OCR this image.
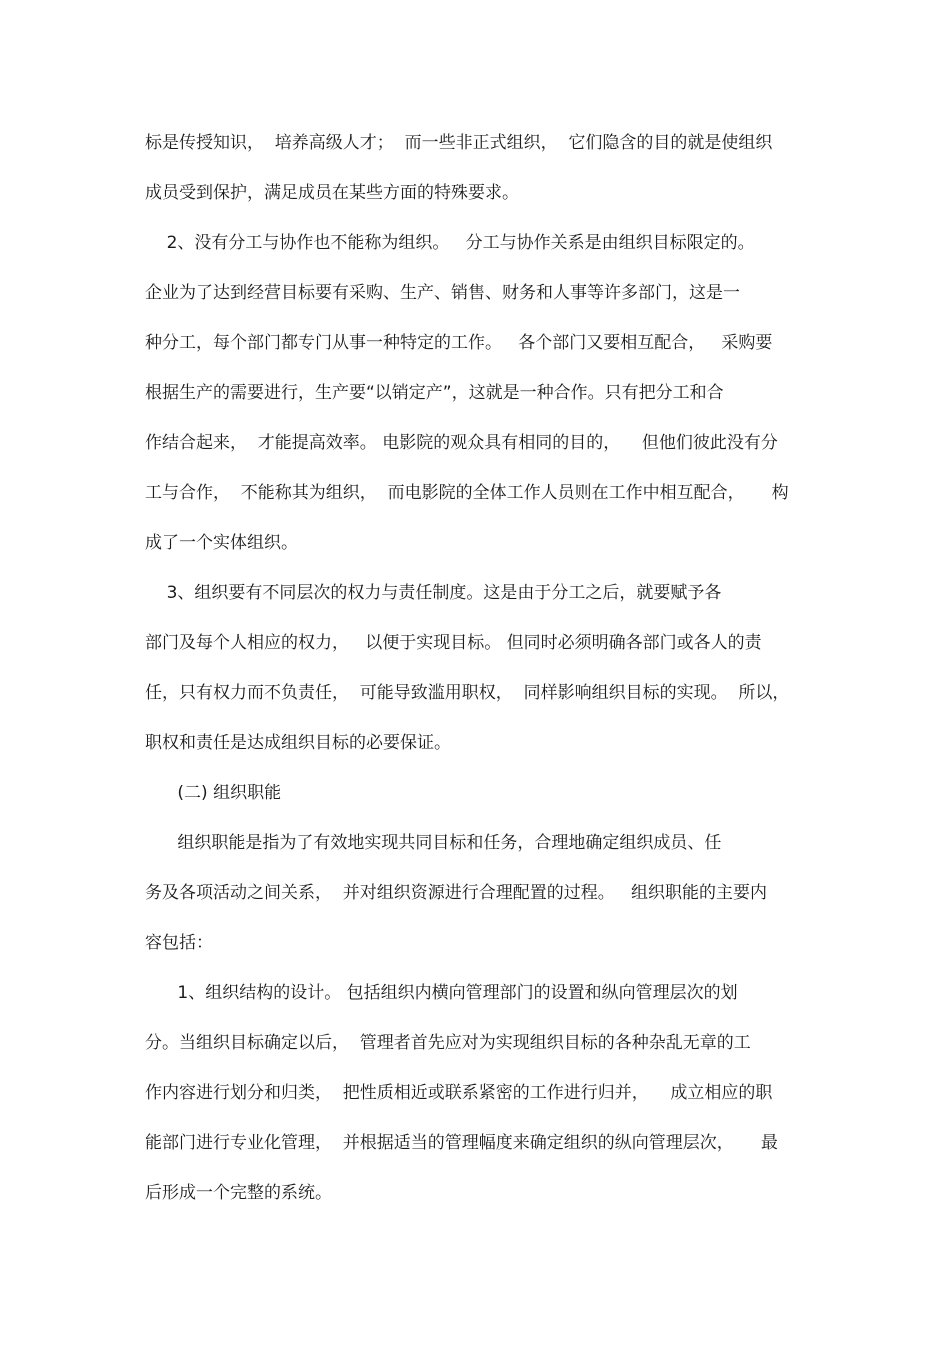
标是传授知识，  培养高级人才；  而一些非正式组织，  它们隐含的目的就是使组织
成员受到保护，满足成员在某些方面的特殊要求。
2、没有分工与协作也不能称为组织。   分工与协作关系是由组织目标限定的。
企业为了达到经营目标要有采购、生产、销售、财务和人事等许多部门，这是一
种分工，每个部门都专门从事一种特定的工作。   各个部门又要相互配合，   采购要
根据生产的需要进行，生产要“以销定产”，这就是一种合作。只有把分工和合
作结合起来，  才能提高效率。 电影院的观众具有相同的目的，    但他们彼此没有分
工与合作，  不能称其为组织，  而电影院的全体工作人员则在工作中相互配合，     构
成了一个实体组织。
3、组织要有不同层次的权力与责任制度。这是由于分工之后，就要赋予各
部门及每个人相应的权力，   以便于实现目标。 但同时必须明确各部门或各人的责
任，只有权力而不负责任，  可能导致滥用职权，  同样影响组织目标的实现。  所以，
职权和责任是达成组织目标的必要保证。
(二) 组织职能
组织职能是指为了有效地实现共同目标和任务，合理地确定组织成员、任
务及各项活动之间关系，  并对组织资源进行合理配置的过程。   组织职能的主要内
容包括：
1、组织结构的设计。 包括组织内横向管理部门的设置和纵向管理层次的划
分。当组织目标确定以后，  管理者首先应对为实现组织目标的各种杂乱无章的工
作内容进行划分和归类，  把性质相近或联系紧密的工作进行归并，    成立相应的职
能部门进行专业化管理，  并根据适当的管理幅度来确定组织的纵向管理层次，     最
后形成一个完整的系统。
